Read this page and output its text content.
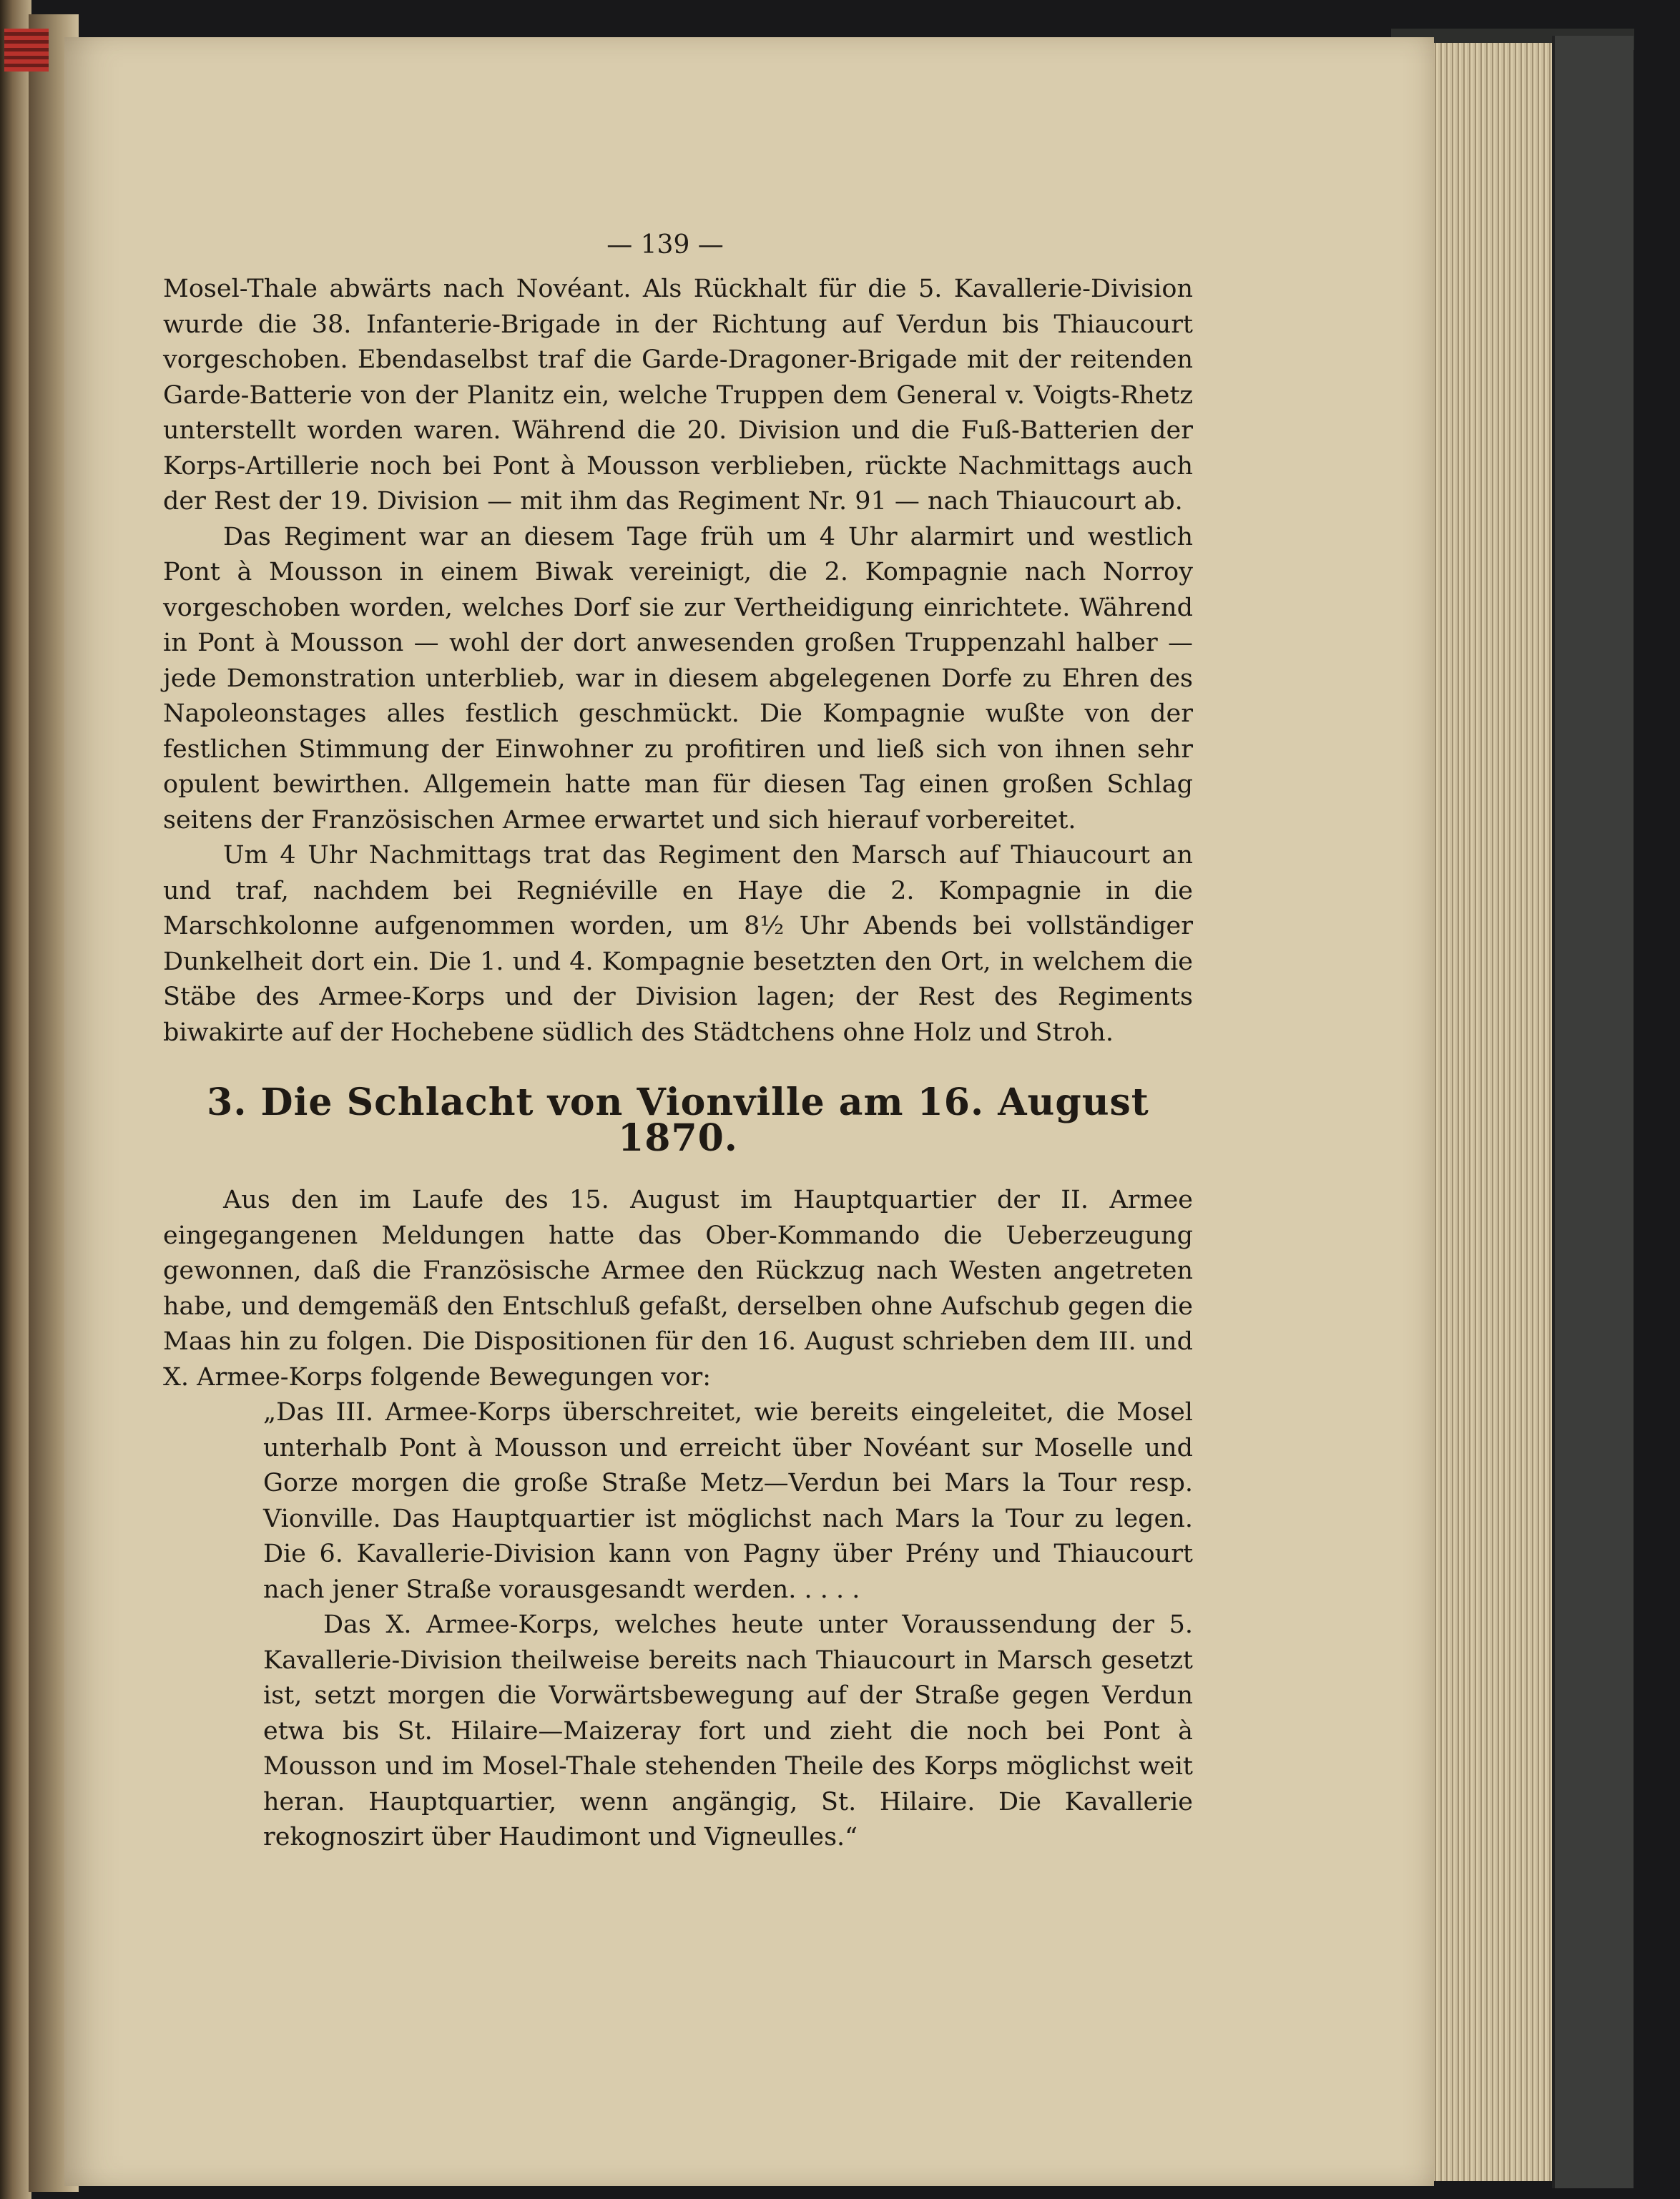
— 139 —

Mosel-Thale abwärts nach Novéant. Als Rückhalt für die 5. Kavallerie-Division wurde die 38. Infanterie-Brigade in der Richtung auf Verdun bis Thiaucourt vorgeschoben. Ebendaselbst traf die Garde-Dragoner-Brigade mit der reitenden Garde-Batterie von der Planitz ein, welche Truppen dem General v. Voigts-Rhetz unterstellt worden waren. Während die 20. Division und die Fuß-Batterien der Korps-Artillerie noch bei Pont à Mousson verblieben, rückte Nachmittags auch der Rest der 19. Division — mit ihm das Regiment Nr. 91 — nach Thiaucourt ab.

Das Regiment war an diesem Tage früh um 4 Uhr alarmirt und westlich Pont à Mousson in einem Biwak vereinigt, die 2. Kompagnie nach Norroy vorgeschoben worden, welches Dorf sie zur Vertheidigung einrichtete. Während in Pont à Mousson — wohl der dort anwesenden großen Truppenzahl halber — jede Demonstration unterblieb, war in diesem abgelegenen Dorfe zu Ehren des Napoleonstages alles festlich geschmückt. Die Kompagnie wußte von der festlichen Stimmung der Einwohner zu profitiren und ließ sich von ihnen sehr opulent bewirthen. Allgemein hatte man für diesen Tag einen großen Schlag seitens der Französischen Armee erwartet und sich hierauf vorbereitet.

Um 4 Uhr Nachmittags trat das Regiment den Marsch auf Thiaucourt an und traf, nachdem bei Regniéville en Haye die 2. Kompagnie in die Marschkolonne aufgenommen worden, um 8½ Uhr Abends bei vollständiger Dunkelheit dort ein. Die 1. und 4. Kompagnie besetzten den Ort, in welchem die Stäbe des Armee-Korps und der Division lagen; der Rest des Regiments biwakirte auf der Hochebene südlich des Städtchens ohne Holz und Stroh.

3. Die Schlacht von Vionville am 16. August 1870.

Aus den im Laufe des 15. August im Hauptquartier der II. Armee eingegangenen Meldungen hatte das Ober-Kommando die Ueberzeugung gewonnen, daß die Französische Armee den Rückzug nach Westen angetreten habe, und demgemäß den Entschluß gefaßt, derselben ohne Aufschub gegen die Maas hin zu folgen. Die Dispositionen für den 16. August schrieben dem III. und X. Armee-Korps folgende Bewegungen vor:

„Das III. Armee-Korps überschreitet, wie bereits eingeleitet, die Mosel unterhalb Pont à Mousson und erreicht über Novéant sur Moselle und Gorze morgen die große Straße Metz—Verdun bei Mars la Tour resp. Vionville. Das Hauptquartier ist möglichst nach Mars la Tour zu legen. Die 6. Kavallerie-Division kann von Pagny über Prény und Thiaucourt nach jener Straße vorausgesandt werden. . . . .

Das X. Armee-Korps, welches heute unter Voraussendung der 5. Kavallerie-Division theilweise bereits nach Thiaucourt in Marsch gesetzt ist, setzt morgen die Vorwärtsbewegung auf der Straße gegen Verdun etwa bis St. Hilaire—Maizeray fort und zieht die noch bei Pont à Mousson und im Mosel-Thale stehenden Theile des Korps möglichst weit heran. Hauptquartier, wenn angängig, St. Hilaire. Die Kavallerie rekognoszirt über Haudimont und Vigneulles.“
